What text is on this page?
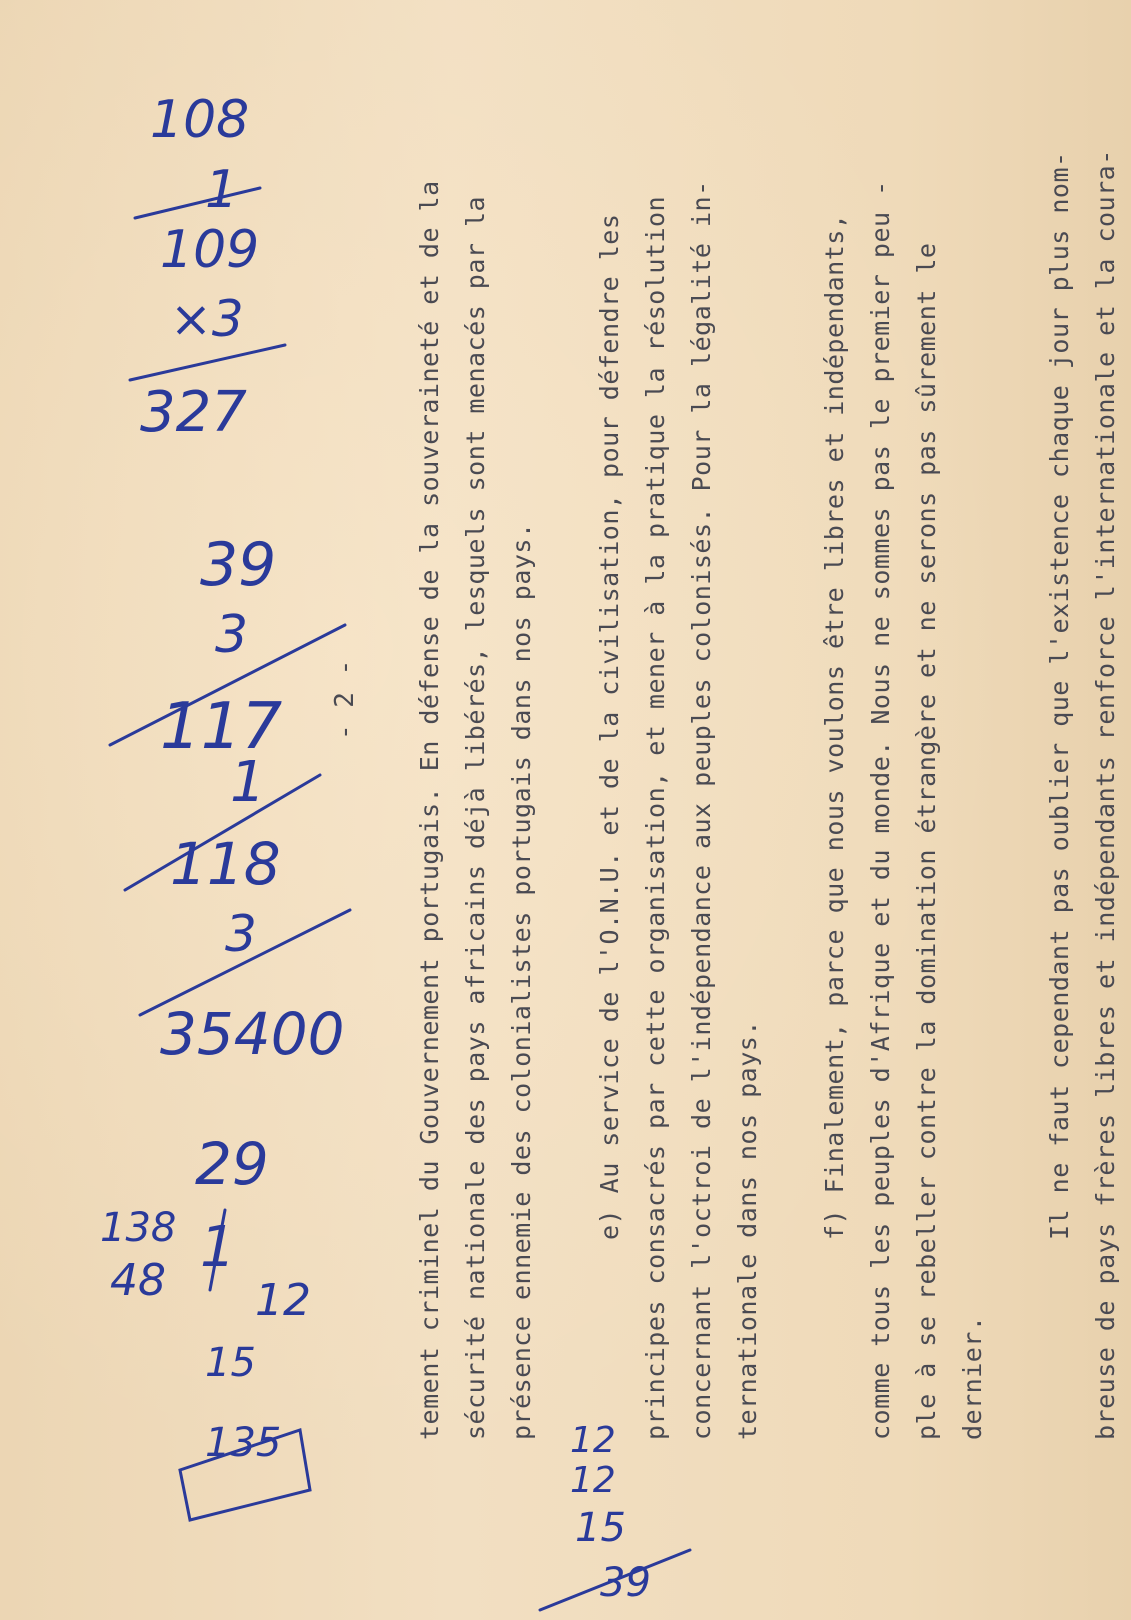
- 2 - tement criminel du Gouvernement portugais. En défense de la souveraineté et de la sécurité nationale des pays africains déjà libérés, lesquels sont menacés par la présence ennemie des colonialistes portugais dans nos pays. e) Au service de l'O.N.U. et de la civilisation, pour défendre les principes consacrés par cette organisation, et mener à la pratique la résolution concernant l'octroi de l'indépendance aux peuples colonisés. Pour la légalité in- ternationale dans nos pays. f) Finalement, parce que nous voulons être libres et indépendants, comme tous les peuples d'Afrique et du monde. Nous ne sommes pas le premier peu - ple à se rebeller contre la domination étrangère et ne serons pas sûrement le dernier.
Il ne faut cependant pas oublier que l'existence chaque jour plus nom- breuse de pays frères libres et indépendants renforce l'internationale et la coura-
108
1
109
×3
327
39
3
117
1
118
3
35400
29
1
12
138
48
15
135	12
12
15
39
